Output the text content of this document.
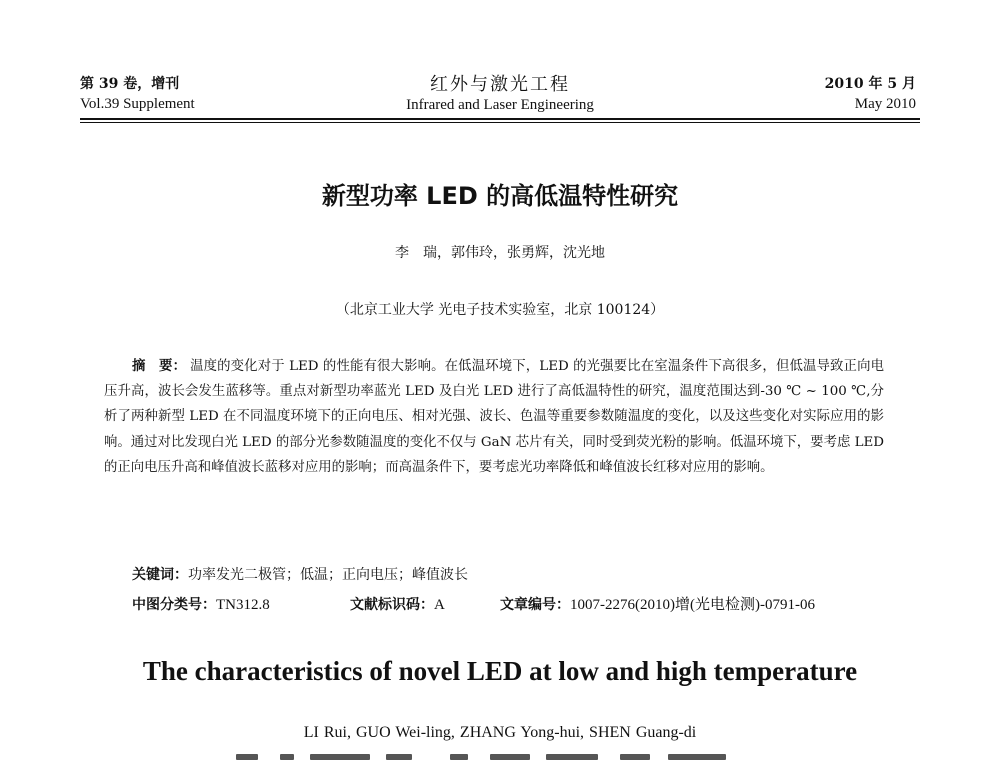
第 39 卷，增刊
Vol.39 Supplement
红外与激光工程
Infrared and Laser Engineering
2010 年 5 月
May 2010
新型功率 LED 的高低温特性研究
李　瑞，郭伟玲，张勇辉，沈光地
（北京工业大学 光电子技术实验室，北京 100124）
摘　要： 温度的变化对于 LED 的性能有很大影响。在低温环境下，LED 的光强要比在室温条件下高很多，但低温导致正向电压升高，波长会发生蓝移等。重点对新型功率蓝光 LED 及白光 LED 进行了高低温特性的研究，温度范围达到-30 ℃ ~ 100 ℃,分析了两种新型 LED 在不同温度环境下的正向电压、相对光强、波长、色温等重要参数随温度的变化，以及这些变化对实际应用的影响。通过对比发现白光 LED 的部分光参数随温度的变化不仅与 GaN 芯片有关，同时受到荧光粉的影响。低温环境下，要考虑 LED 的正向电压升高和峰值波长蓝移对应用的影响；而高温条件下，要考虑光功率降低和峰值波长红移对应用的影响。
关键词：功率发光二极管；低温；正向电压；峰值波长
中图分类号：TN312.8	文献标识码：A	文章编号：1007-2276(2010)增(光电检测)-0791-06
The characteristics of novel LED at low and high temperature
LI Rui, GUO Wei-ling, ZHANG Yong-hui, SHEN Guang-di
